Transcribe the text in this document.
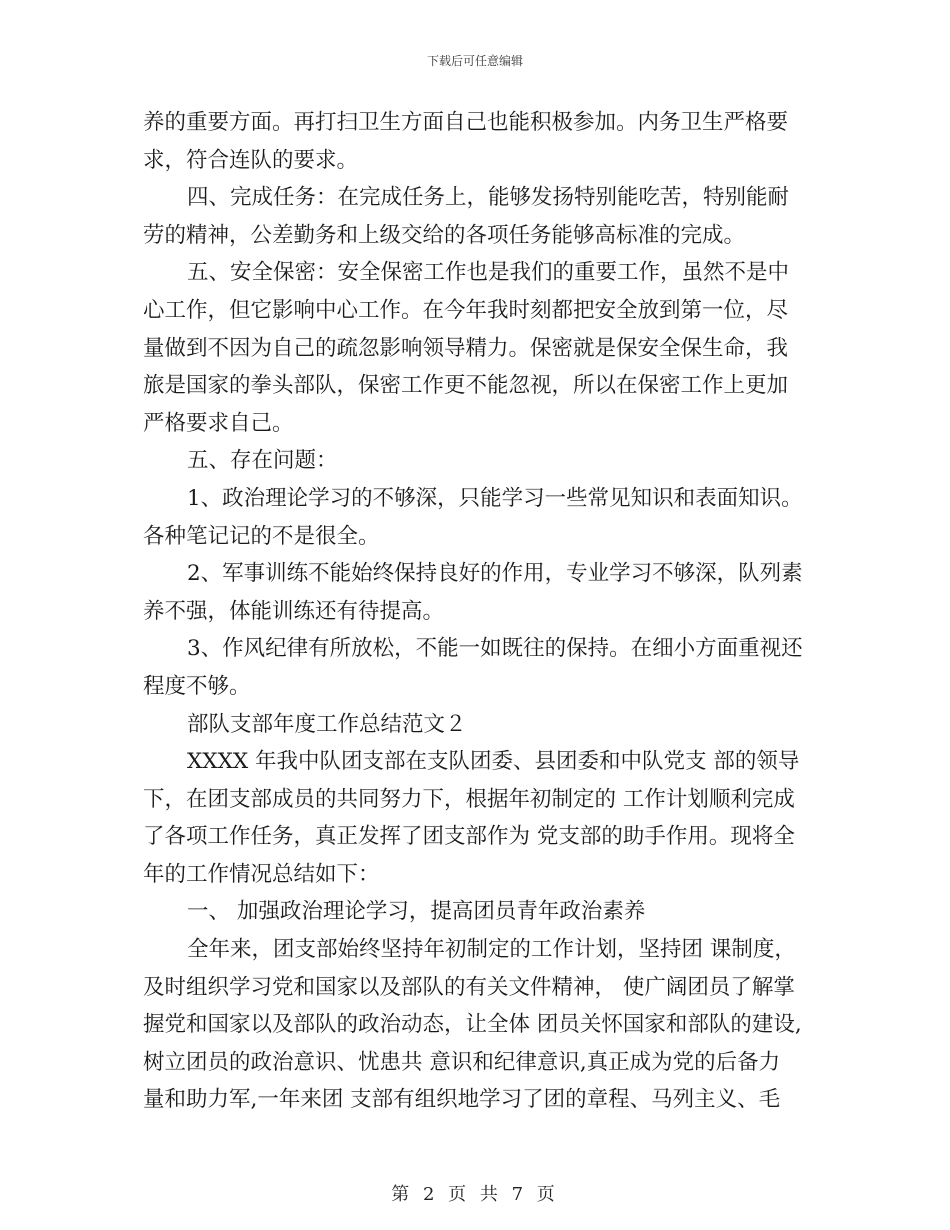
下载后可任意编辑
养的重要方面。再打扫卫生方面自己也能积极参加。内务卫生严格要
求，符合连队的要求。
四、完成任务：在完成任务上，能够发扬特别能吃苦，特别能耐
劳的精神，公差勤务和上级交给的各项任务能够高标准的完成。
五、安全保密：安全保密工作也是我们的重要工作，虽然不是中
心工作，但它影响中心工作。在今年我时刻都把安全放到第一位，尽
量做到不因为自己的疏忽影响领导精力。保密就是保安全保生命，我
旅是国家的拳头部队，保密工作更不能忽视，所以在保密工作上更加
严格要求自己。
五、存在问题：
1、政治理论学习的不够深，只能学习一些常见知识和表面知识。
各种笔记记的不是很全。
2、军事训练不能始终保持良好的作用，专业学习不够深，队列素
养不强，体能训练还有待提高。
3、作风纪律有所放松，不能一如既往的保持。在细小方面重视还
程度不够。
部队支部年度工作总结范文２
XXXX 年我中队团支部在支队团委、县团委和中队党支 部的领导
下，在团支部成员的共同努力下，根据年初制定的 工作计划顺利完成
了各项工作任务，真正发挥了团支部作为 党支部的助手作用。现将全
年的工作情况总结如下：
一、 加强政治理论学习，提高团员青年政治素养
全年来，团支部始终坚持年初制定的工作计划，坚持团 课制度，
及时组织学习党和国家以及部队的有关文件精神， 使广阔团员了解掌
握党和国家以及部队的政治动态，让全体 团员关怀国家和部队的建设,
树立团员的政治意识、忧患共 意识和纪律意识,真正成为党的后备力
量和助力军,一年来团 支部有组织地学习了团的章程、马列主义、毛
第 2 页 共 7 页
